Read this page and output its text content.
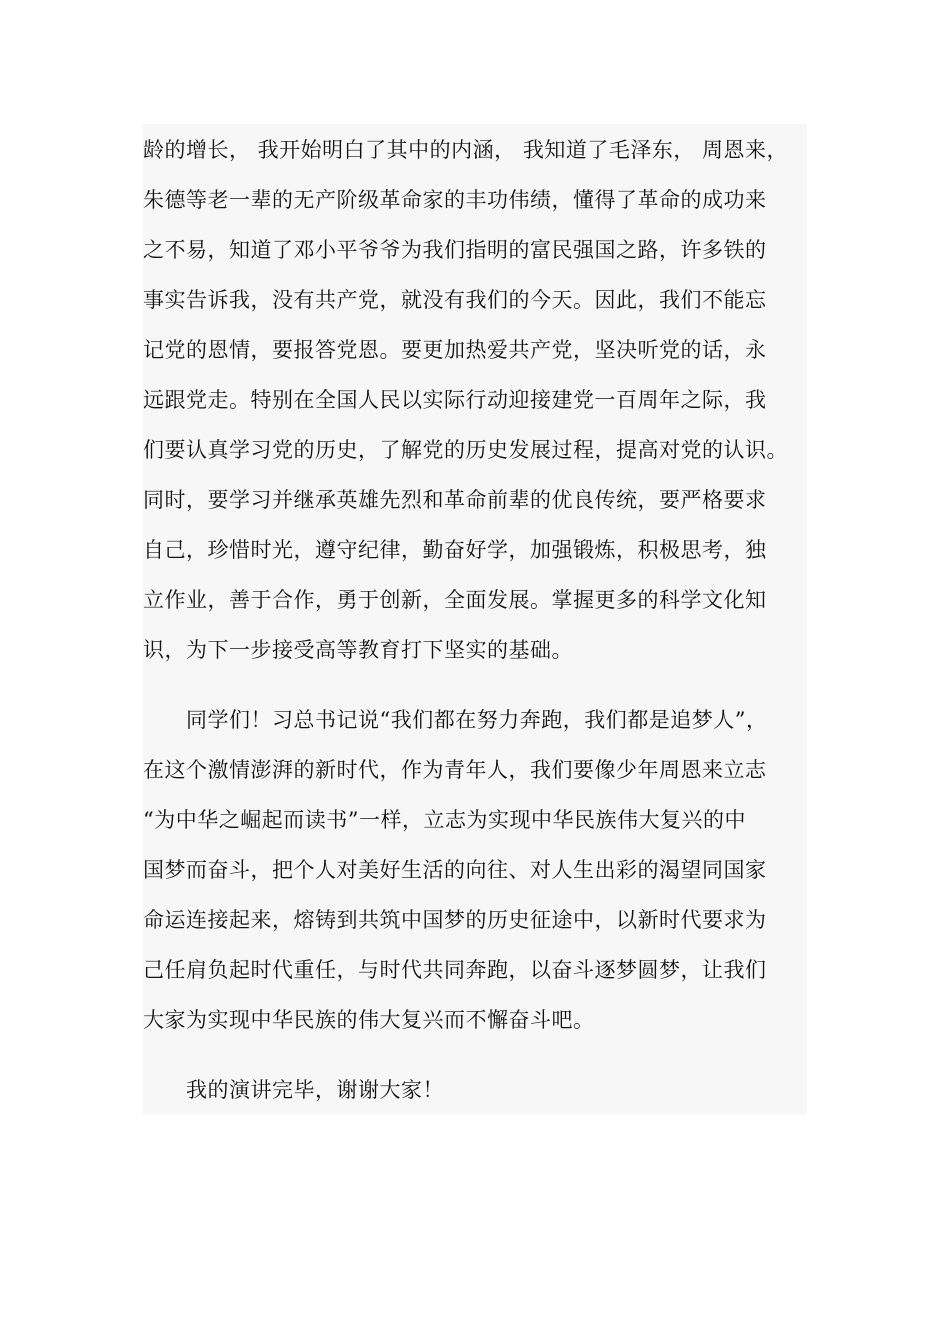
龄的增长， 我开始明白了其中的内涵， 我知道了毛泽东， 周恩来，
朱德等老一辈的无产阶级革命家的丰功伟绩，懂得了革命的成功来
之不易，知道了邓小平爷爷为我们指明的富民强国之路，许多铁的
事实告诉我，没有共产党，就没有我们的今天。因此，我们不能忘
记党的恩情，要报答党恩。要更加热爱共产党，坚决听党的话，永
远跟党走。特别在全国人民以实际行动迎接建党一百周年之际，我
们要认真学习党的历史，了解党的历史发展过程，提高对党的认识。
同时，要学习并继承英雄先烈和革命前辈的优良传统，要严格要求
自己，珍惜时光，遵守纪律，勤奋好学，加强锻炼，积极思考，独
立作业，善于合作，勇于创新，全面发展。掌握更多的科学文化知
识，为下一步接受高等教育打下坚实的基础。
　　同学们！习总书记说“我们都在努力奔跑，我们都是追梦人”，
在这个激情澎湃的新时代，作为青年人，我们要像少年周恩来立志
“为中华之崛起而读书”一样，立志为实现中华民族伟大复兴的中
国梦而奋斗，把个人对美好生活的向往、对人生出彩的渴望同国家
命运连接起来，熔铸到共筑中国梦的历史征途中，以新时代要求为
己任肩负起时代重任，与时代共同奔跑，以奋斗逐梦圆梦，让我们
大家为实现中华民族的伟大复兴而不懈奋斗吧。
　　我的演讲完毕，谢谢大家！
